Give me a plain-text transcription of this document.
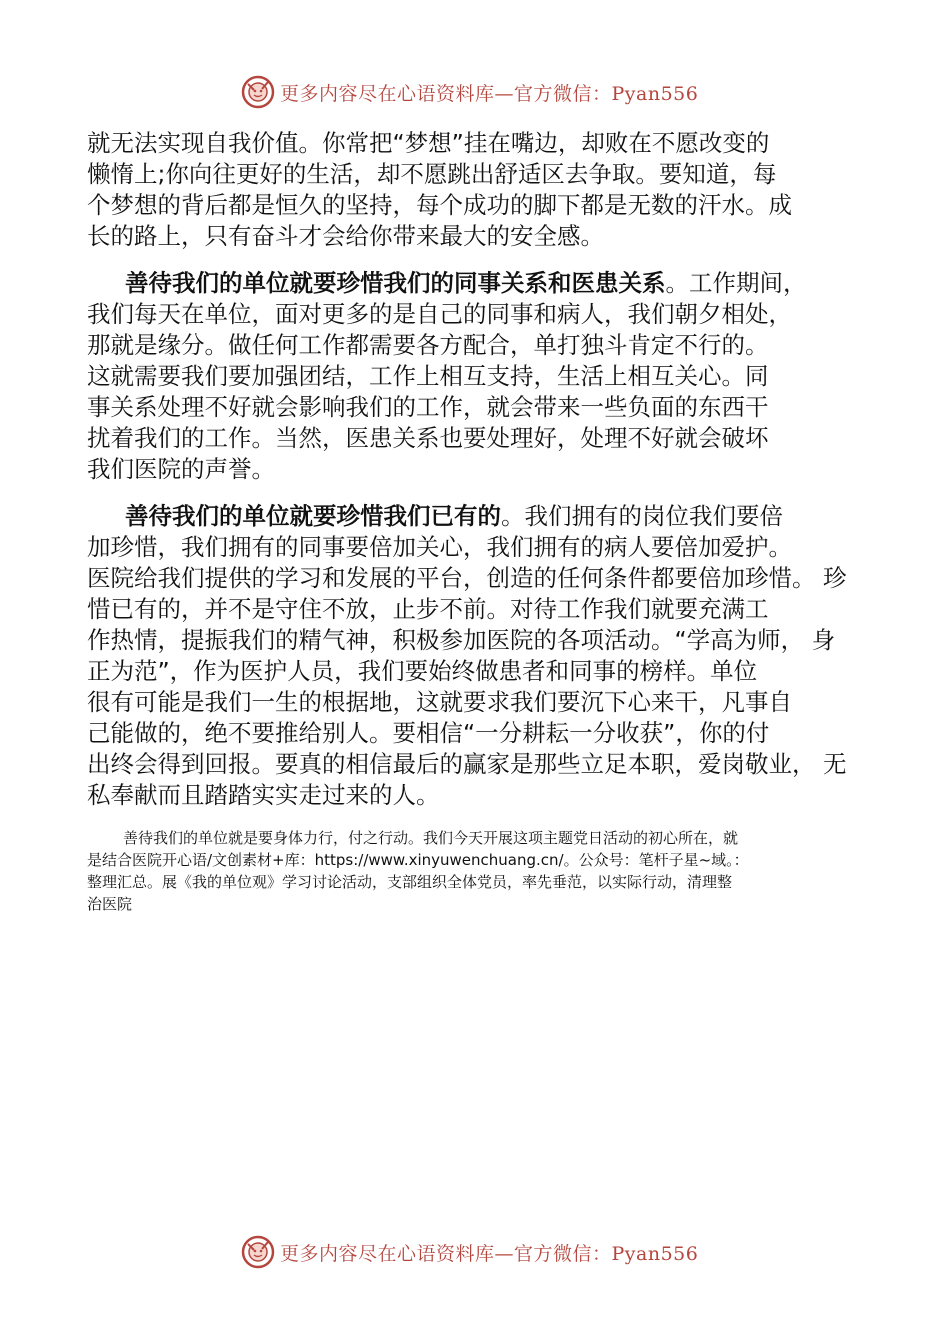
更多内容尽在心语资料库—官方微信：Pyan556

就无法实现自我价值。你常把“梦想”挂在嘴边，却败在不愿改变的
懒惰上;你向往更好的生活，却不愿跳出舒适区去争取。要知道，每
个梦想的背后都是恒久的坚持，每个成功的脚下都是无数的汗水。成
长的路上，只有奋斗才会给你带来最大的安全感。

善待我们的单位就要珍惜我们的同事关系和医患关系。工作期间，
我们每天在单位，面对更多的是自己的同事和病人，我们朝夕相处，
那就是缘分。做任何工作都需要各方配合，单打独斗肯定不行的。
这就需要我们要加强团结，工作上相互支持，生活上相互关心。同
事关系处理不好就会影响我们的工作，就会带来一些负面的东西干
扰着我们的工作。当然，医患关系也要处理好，处理不好就会破坏
我们医院的声誉。

善待我们的单位就要珍惜我们已有的。我们拥有的岗位我们要倍
加珍惜，我们拥有的同事要倍加关心，我们拥有的病人要倍加爱护。
医院给我们提供的学习和发展的平台，创造的任何条件都要倍加珍惜。 珍
惜已有的，并不是守住不放，止步不前。对待工作我们就要充满工
作热情，提振我们的精气神，积极参加医院的各项活动。“学高为师， 身
正为范”，作为医护人员，我们要始终做患者和同事的榜样。单位
很有可能是我们一生的根据地，这就要求我们要沉下心来干，凡事自
己能做的，绝不要推给别人。要相信“一分耕耘一分收获”，你的付
出终会得到回报。要真的相信最后的赢家是那些立足本职，爱岗敬业， 无
私奉献而且踏踏实实走过来的人。

善待我们的单位就是要身体力行，付之行动。我们今天开展这项主题党日活动的初心所在，就
是结合医院开心语/文创素材+库：https://www.xinyuwenchuang.cn/。公众号：笔杆子星~域。：
整理汇总。展《我的单位观》学习讨论活动，支部组织全体党员，率先垂范，以实际行动，清理整
治医院
更多内容尽在心语资料库—官方微信：Pyan556
